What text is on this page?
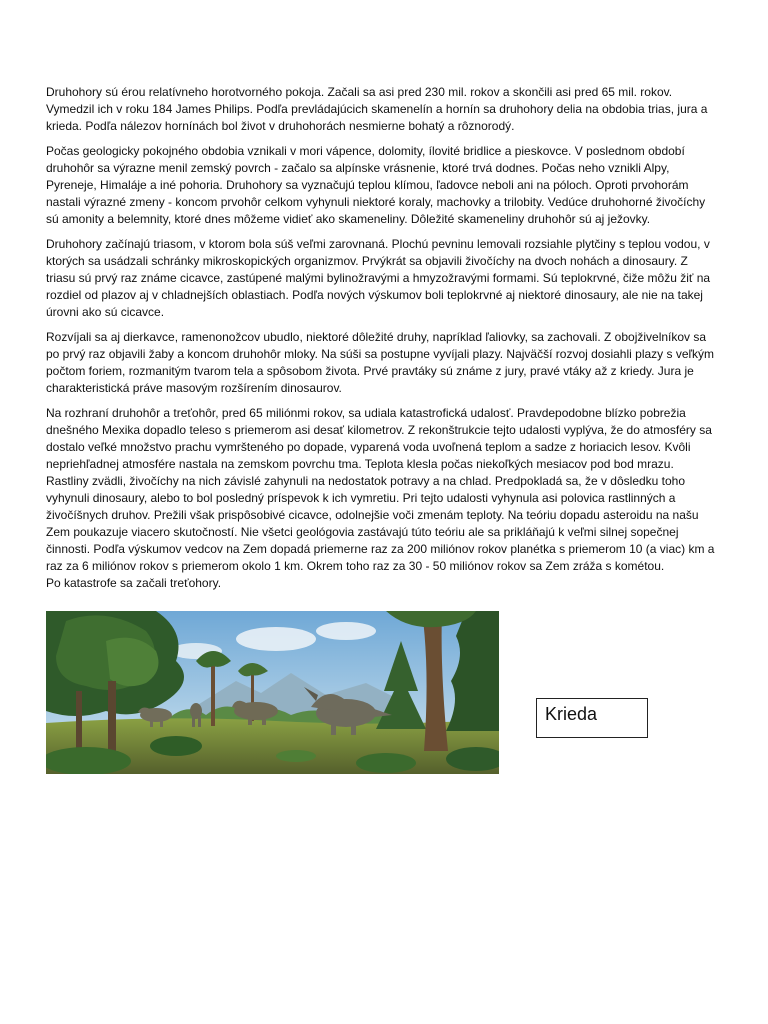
Druhohory sú érou relatívneho horotvorného pokoja. Začali sa asi pred 230 mil. rokov a skončili asi pred 65 mil. rokov. Vymedzil ich v roku 184 James Philips. Podľa prevládajúcich skamenelín a hornín sa druhohory delia na obdobia trias, jura a krieda. Podľa nálezov hornínách bol život v druhohorách nesmierne bohatý a rôznorodý.

Počas geologicky pokojného obdobia vznikali v mori vápence, dolomity, ílovité bridlice a pieskovce. V poslednom období druhohôr sa výrazne menil zemský povrch - začalo sa alpínske vrásnenie, ktoré trvá dodnes. Počas neho vznikli Alpy, Pyreneje, Himaláje a iné pohoria. Druhohory sa vyznačujú teplou klímou, ľadovce neboli ani na póloch. Oproti prvohorám nastali výrazné zmeny - koncom prvohôr celkom vyhynuli niektoré koraly, machovky a trilobity. Vedúce druhohorné živočíchy sú amonity a belemnity, ktoré dnes môžeme vidieť ako skameneliny. Dôležité skameneliny druhohôr sú aj ježovky.

Druhohory začínajú triasom, v ktorom bola súš veľmi zarovnaná. Plochú pevninu lemovali rozsiahle plytčiny s teplou vodou, v ktorých sa usádzali schránky mikroskopických organizmov. Prvýkrát sa objavili živočíchy na dvoch nohách a dinosaury. Z triasu sú prvý raz známe cicavce, zastúpené malými bylinožravými a hmyzožravými formami. Sú teplokrvné, čiže môžu žiť na rozdiel od plazov aj v chladnejších oblastiach. Podľa nových výskumov boli teplokrvné aj niektoré dinosaury, ale nie na takej úrovni ako sú cicavce.

Rozvíjali sa aj dierkavce, ramenonožcov ubudlo, niektoré dôležité druhy, napríklad ľaliovky, sa zachovali. Z obojživelníkov sa po prvý raz objavili žaby a koncom druhohôr mloky. Na súši sa postupne vyvíjali plazy. Najväčší rozvoj dosiahli plazy s veľkým počtom foriem, rozmanitým tvarom tela a spôsobom života. Prvé pravtáky sú známe z jury, pravé vtáky až z kriedy. Jura je charakteristická práve masovým rozšírením dinosaurov.

Na rozhraní druhohôr a treťohôr, pred 65 miliónmi rokov, sa udiala katastrofická udalosť. Pravdepodobne blízko pobrežia dnešného Mexika dopadlo teleso s priemerom asi desať kilometrov. Z rekonštrukcie tejto udalosti vyplýva, že do atmosféry sa dostalo veľké množstvo prachu vymršteného po dopade, vyparená voda uvoľnená teplom a sadze z horiacich lesov. Kvôli nepriehľadnej atmosfére nastala na zemskom povrchu tma. Teplota klesla počas niekoľkých mesiacov pod bod mrazu. Rastliny zvädli, živočíchy na nich závislé zahynuli na nedostatok potravy a na chlad. Predpokladá sa, že v dôsledku toho vyhynuli dinosaury, alebo to bol posledný príspevok k ich vymretiu. Pri tejto udalosti vyhynula asi polovica rastlinných a živočíšnych druhov. Prežili však prispôsobivé cicavce, odolnejšie voči zmenám teploty. Na teóriu dopadu asteroidu na našu Zem poukazuje viacero skutočností. Nie všetci geológovia zastávajú túto teóriu ale sa prikláňajú k veľmi silnej sopečnej činnosti. Podľa výskumov vedcov na Zem dopadá priemerne raz za 200 miliónov rokov planétka s priemerom 10 (a viac) km a raz za 6 miliónov rokov s priemerom okolo 1 km. Okrem toho raz za 30 - 50 miliónov rokov sa Zem zráža s kométou.

Po katastrofe sa začali treťohory.

Krieda
